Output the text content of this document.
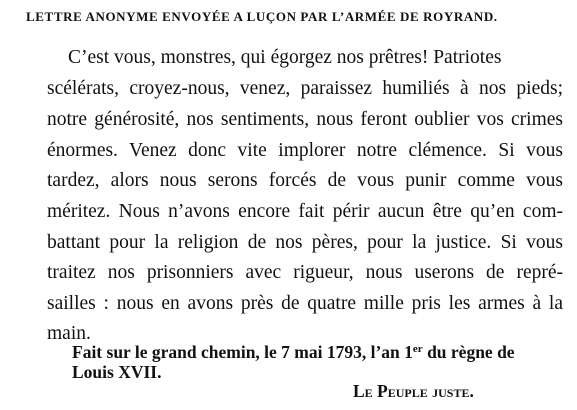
LETTRE ANONYME ENVOYÉE A LUÇON PAR L’ARMÉE DE ROYRAND.
C’est vous, monstres, qui égorgez nos prêtres! Patriotes
scélérats, croyez-nous, venez, paraissez humiliés à nos pieds;
notre générosité, nos sentiments, nous feront oublier vos crimes
énormes. Venez donc vite implorer notre clémence. Si vous
tardez, alors nous serons forcés de vous punir comme vous
méritez. Nous n’avons encore fait périr aucun être qu’en com-
battant pour la religion de nos pères, pour la justice. Si vous
traitez nos prisonniers avec rigueur, nous userons de repré-
sailles : nous en avons près de quatre mille pris les armes à la
main.
Fait sur le grand chemin, le 7 mai 1793, l’an 1er du règne de
Louis XVII.
Le Peuple juste.
